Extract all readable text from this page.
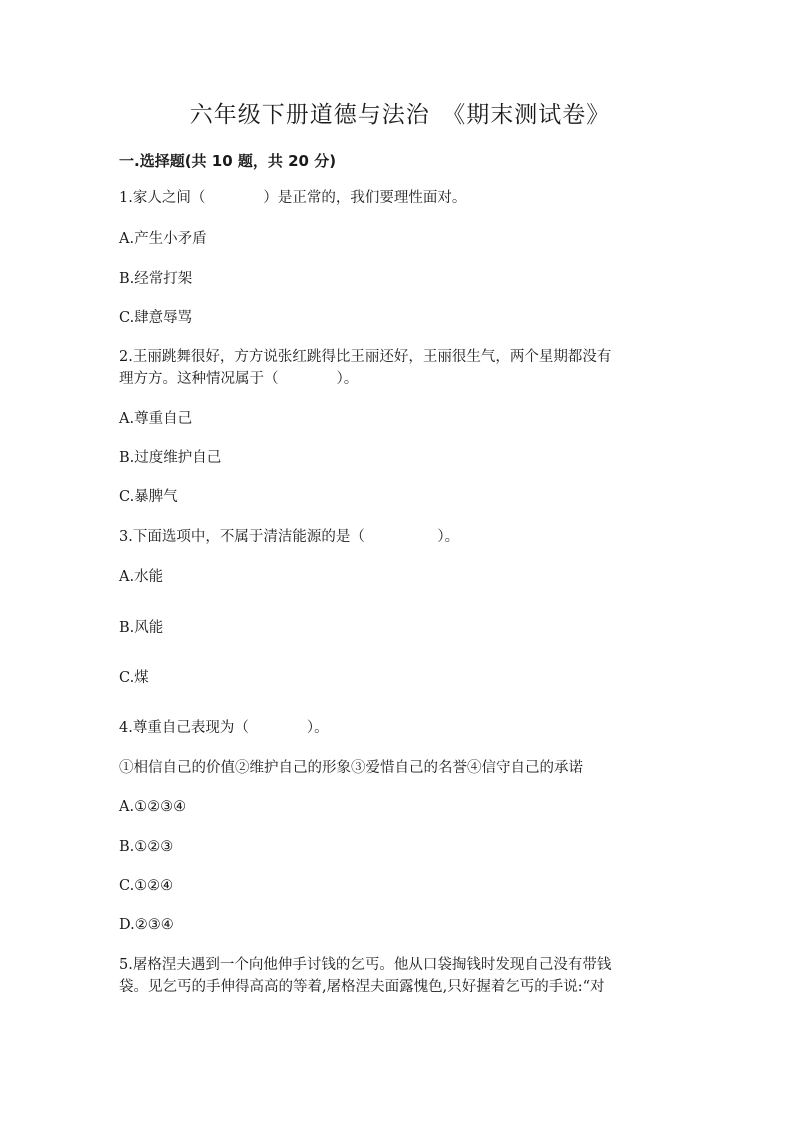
六年级下册道德与法治　《期末测试卷》
一.选择题(共 10 题，共 20 分)
1.家人之间（　　　　）是正常的，我们要理性面对。
A.产生小矛盾
B.经常打架
C.肆意辱骂
2.王丽跳舞很好，方方说张红跳得比王丽还好，王丽很生气，两个星期都没有
理方方。这种情况属于（　　　　）。
A.尊重自己
B.过度维护自己
C.暴脾气
3.下面选项中，不属于清洁能源的是（　　　　　）。
A.水能
B.风能
C.煤
4.尊重自己表现为（　　　　）。
①相信自己的价值②维护自己的形象③爱惜自己的名誉④信守自己的承诺
A.①②③④
B.①②③
C.①②④
D.②③④
5.屠格涅夫遇到一个向他伸手讨钱的乞丐。他从口袋掏钱时发现自己没有带钱
袋。见乞丐的手伸得高高的等着,屠格涅夫面露愧色,只好握着乞丐的手说:“对
